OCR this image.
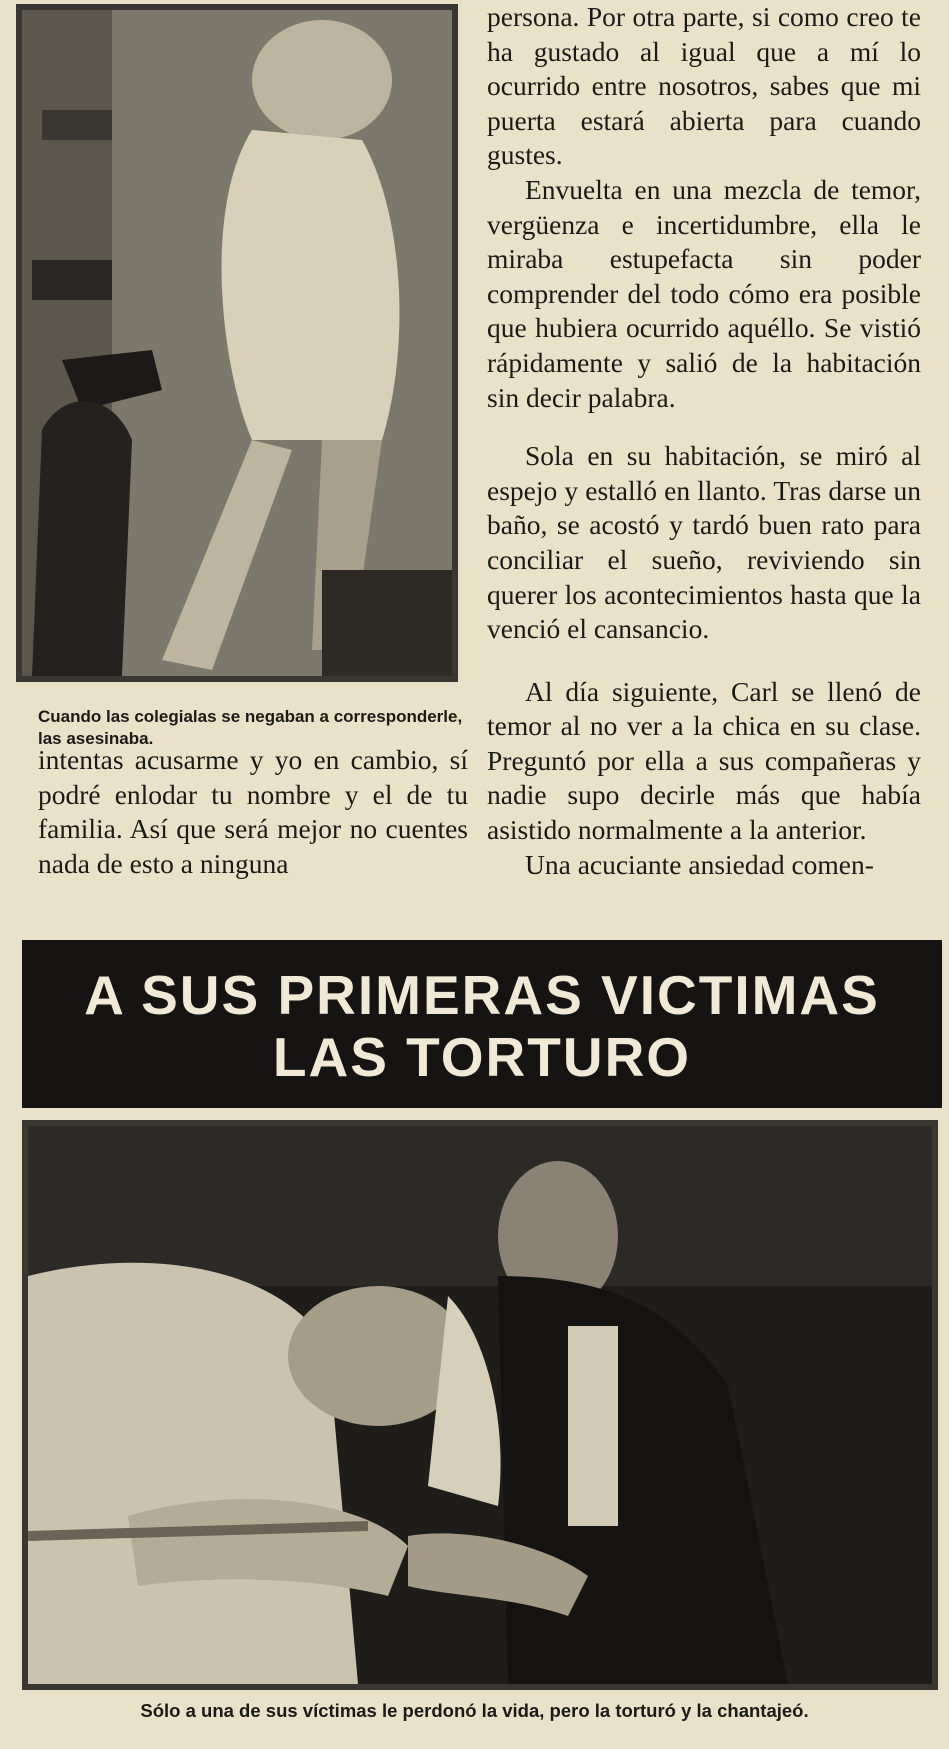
Cuando las colegialas se negaban a corresponderle, las asesinaba.

persona. Por otra parte, si como creo te ha gustado al igual que a mí lo ocurrido entre nosotros, sabes que mi puerta estará abierta para cuando gustes.

Envuelta en una mezcla de temor, vergüenza e incertidumbre, ella le miraba estupefacta sin poder comprender del todo cómo era posible que hubiera ocurrido aquéllo. Se vistió rápidamente y salió de la habitación sin decir palabra.

Sola en su habitación, se miró al espejo y estalló en llanto. Tras darse un baño, se acostó y tardó buen rato para conciliar el sueño, reviviendo sin querer los acontecimientos hasta que la venció el cansancio.

Al día siguiente, Carl se llenó de temor al no ver a la chica en su clase. Preguntó por ella a sus compañeras y nadie supo decirle más que había asistido normalmente a la anterior.

Una acuciante ansiedad comen-

intentas acusarme y yo en cambio, sí podré enlodar tu nombre y el de tu familia. Así que será mejor no cuentes nada de esto a ninguna

A SUS PRIMERAS VICTIMAS
LAS TORTURO

Sólo a una de sus víctimas le perdonó la vida, pero la torturó y la chantajeó.
